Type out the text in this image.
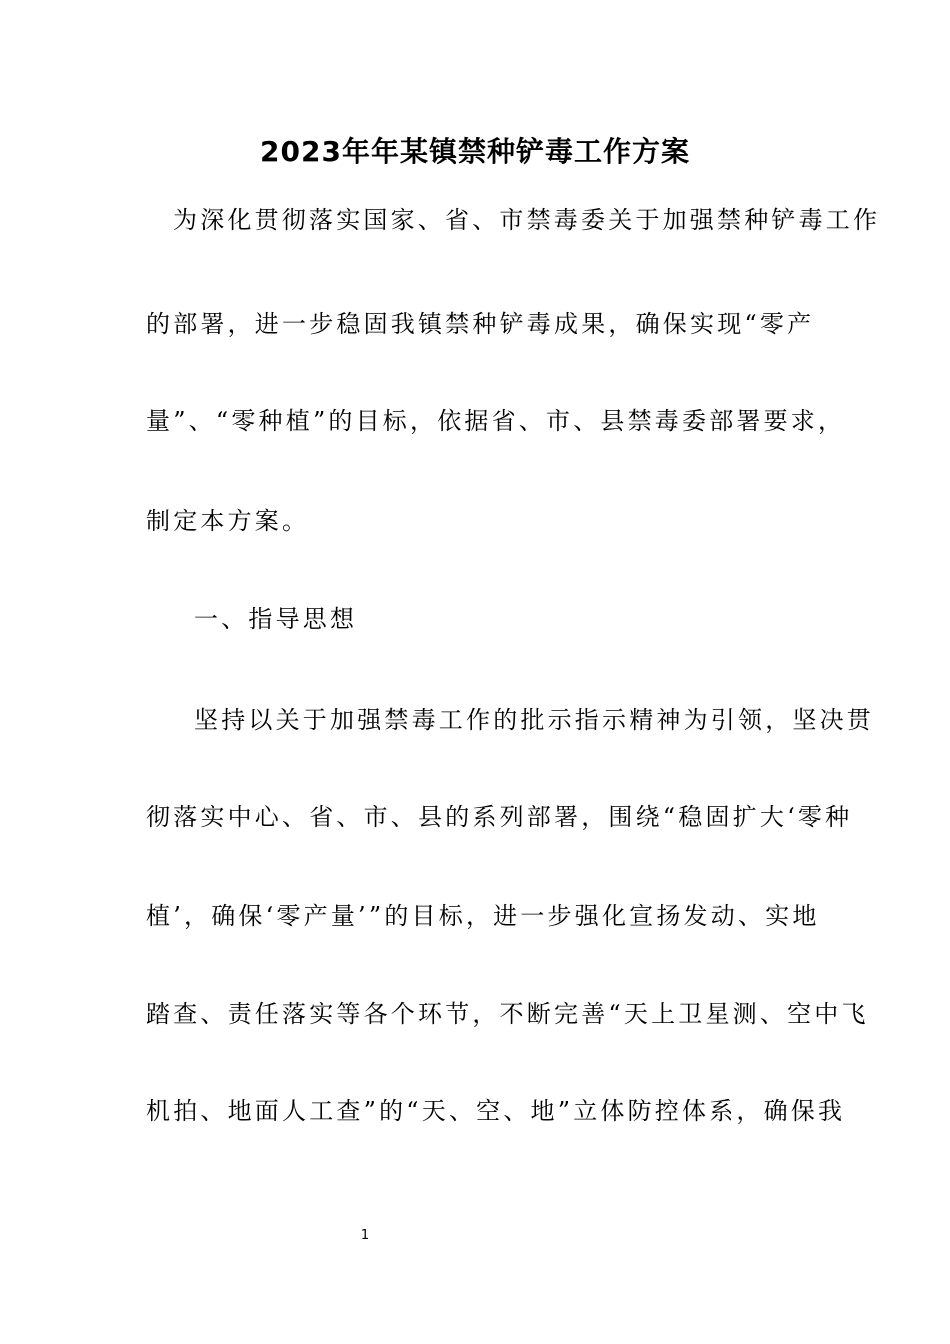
2023年年某镇禁种铲毒工作方案
为深化贯彻落实国家、省、市禁毒委关于加强禁种铲毒工作
的部署，进一步稳固我镇禁种铲毒成果，确保实现“零产
量”、“零种植”的目标，依据省、市、县禁毒委部署要求，
制定本方案。
一、指导思想
坚持以关于加强禁毒工作的批示指示精神为引领，坚决贯
彻落实中心、省、市、县的系列部署，围绕“稳固扩大‘零种
植’，确保‘零产量’”的目标，进一步强化宣扬发动、实地
踏查、责任落实等各个环节，不断完善“天上卫星测、空中飞
机拍、地面人工查”的“天、空、地”立体防控体系，确保我
1
